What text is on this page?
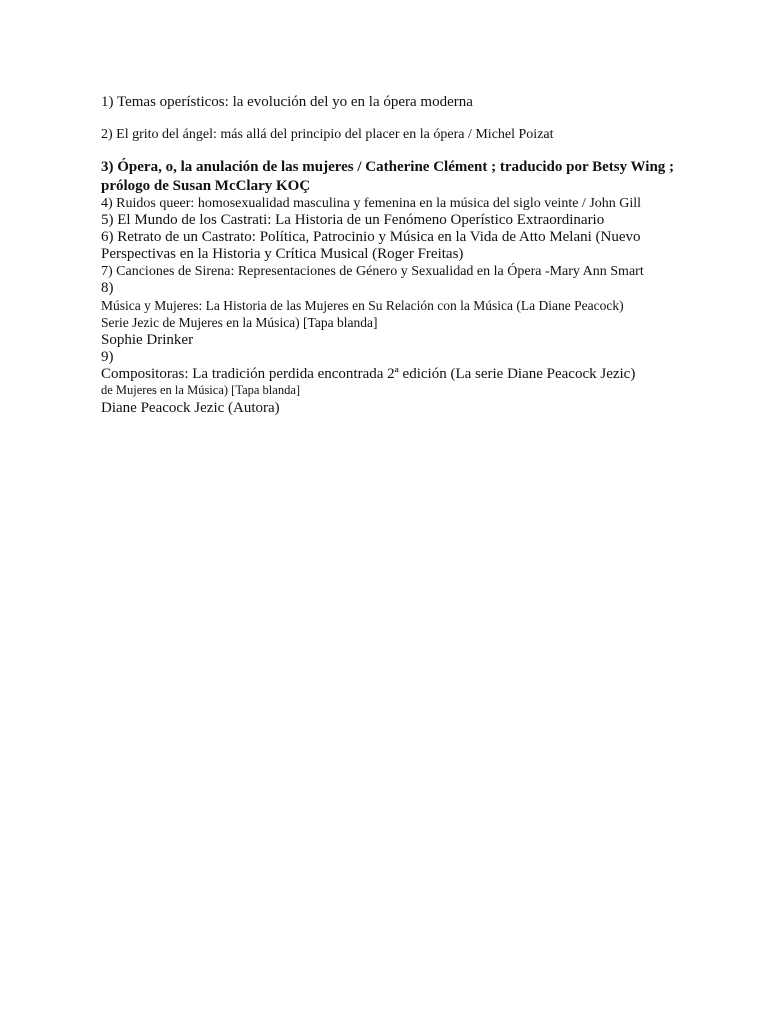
1) Temas operísticos: la evolución del yo en la ópera moderna

2) El grito del ángel: más allá del principio del placer en la ópera / Michel Poizat

3) Ópera, o, la anulación de las mujeres / Catherine Clément ; traducido por Betsy Wing ;

prólogo de Susan McClary KOÇ

4) Ruidos queer: homosexualidad masculina y femenina en la música del siglo veinte / John Gill

5) El Mundo de los Castrati: La Historia de un Fenómeno Operístico Extraordinario

6) Retrato de un Castrato: Política, Patrocinio y Música en la Vida de Atto Melani (Nuevo

Perspectivas en la Historia y Crítica Musical (Roger Freitas)

7) Canciones de Sirena: Representaciones de Género y Sexualidad en la Ópera -Mary Ann Smart

8)

Música y Mujeres: La Historia de las Mujeres en Su Relación con la Música (La Diane Peacock)

Serie Jezic de Mujeres en la Música) [Tapa blanda]

Sophie Drinker

9)

Compositoras: La tradición perdida encontrada 2ª edición (La serie Diane Peacock Jezic)

de Mujeres en la Música) [Tapa blanda]

Diane Peacock Jezic (Autora)
